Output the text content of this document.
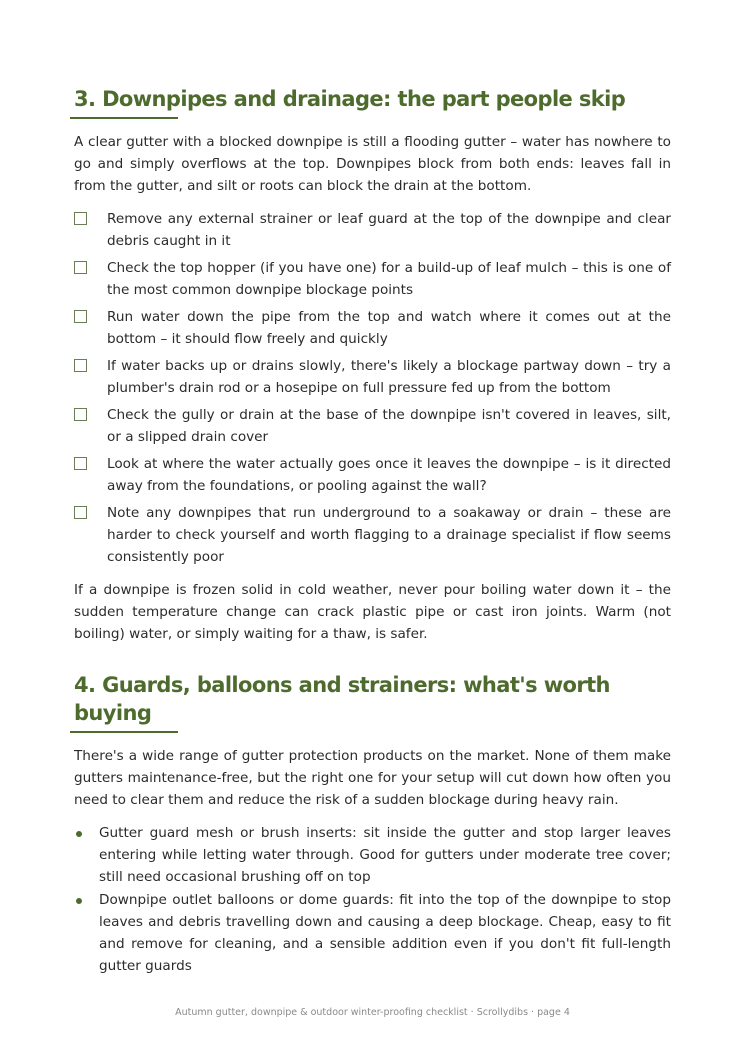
3. Downpipes and drainage: the part people skip

A clear gutter with a blocked downpipe is still a flooding gutter – water has nowhere to go and simply overflows at the top. Downpipes block from both ends: leaves fall in from the gutter, and silt or roots can block the drain at the bottom.

Remove any external strainer or leaf guard at the top of the downpipe and clear debris caught in it
Check the top hopper (if you have one) for a build-up of leaf mulch – this is one of the most common downpipe blockage points
Run water down the pipe from the top and watch where it comes out at the bottom – it should flow freely and quickly
If water backs up or drains slowly, there's likely a blockage partway down – try a plumber's drain rod or a hosepipe on full pressure fed up from the bottom
Check the gully or drain at the base of the downpipe isn't covered in leaves, silt, or a slipped drain cover
Look at where the water actually goes once it leaves the downpipe – is it directed away from the foundations, or pooling against the wall?
Note any downpipes that run underground to a soakaway or drain – these are harder to check yourself and worth flagging to a drainage specialist if flow seems consistently poor

If a downpipe is frozen solid in cold weather, never pour boiling water down it – the sudden temperature change can crack plastic pipe or cast iron joints. Warm (not boiling) water, or simply waiting for a thaw, is safer.

4. Guards, balloons and strainers: what's worth buying

There's a wide range of gutter protection products on the market. None of them make gutters maintenance-free, but the right one for your setup will cut down how often you need to clear them and reduce the risk of a sudden blockage during heavy rain.

Gutter guard mesh or brush inserts: sit inside the gutter and stop larger leaves entering while letting water through. Good for gutters under moderate tree cover; still need occasional brushing off on top
Downpipe outlet balloons or dome guards: fit into the top of the downpipe to stop leaves and debris travelling down and causing a deep blockage. Cheap, easy to fit and remove for cleaning, and a sensible addition even if you don't fit full-length gutter guards
Autumn gutter, downpipe & outdoor winter-proofing checklist · Scrollydibs · page 4
